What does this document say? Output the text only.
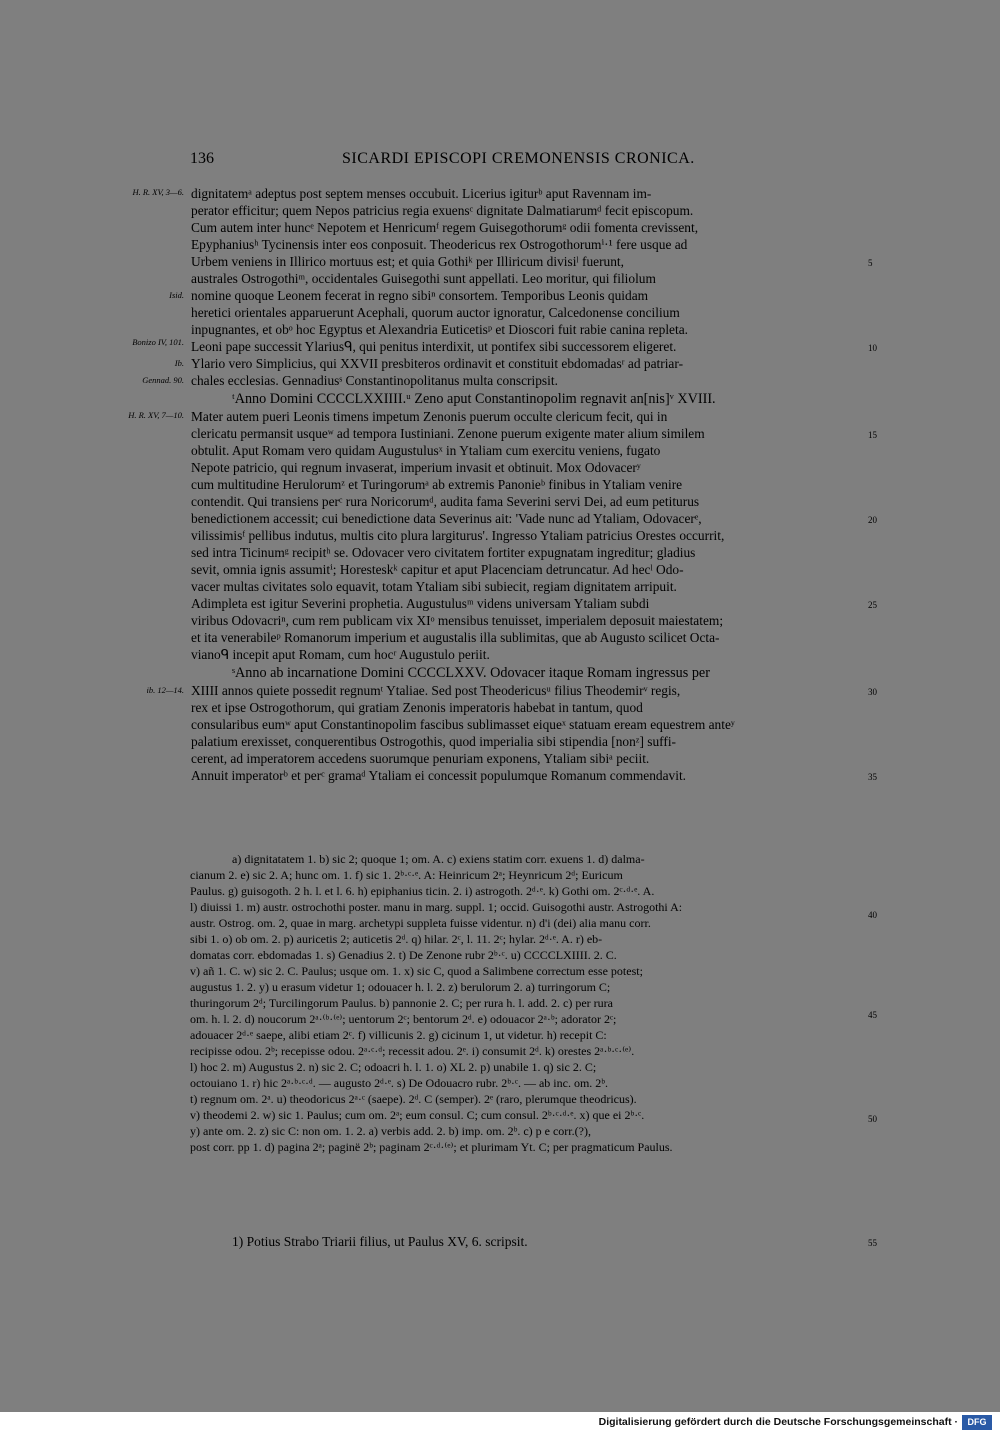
136	SICARDI EPISCOPI CREMONENSIS CRONICA.
dignitatemᵃ adeptus post septem menses occubuit. Licerius igiturᵇ aput Ravennam im-
perator efficitur; quem Nepos patricius regia exuensᶜ dignitate Dalmatiarumᵈ fecit episcopum.
Cum autem inter huncᵉ Nepotem et Henricumᶠ regem Guisegothorumᵍ odii fomenta crevissent,
Epyphaniusʰ Tycinensis inter eos conposuit. Theodericus rex Ostrogothorumⁱ·¹ fere usque ad
Urbem veniens in Illirico mortuus est; et quia Gothiᵏ per Illiricum divisiˡ fuerunt,
australes Ostrogothiᵐ, occidentales Guisegothi sunt appellati. Leo moritur, qui filiolum
nomine quoque Leonem fecerat in regno sibiⁿ consortem. Temporibus Leonis quidam
heretici orientales apparuerunt Acephali, quorum auctor ignoratur, Calcedonense concilium
inpugnantes, et obᵒ hoc Egyptus et Alexandria Euticetisᵖ et Dioscori fuit rabie canina repleta.
Leoni pape successit Ylariusᑫ, qui penitus interdixit, ut pontifex sibi successorem eligeret.
Ylario vero Simplicius, qui XXVII presbiteros ordinavit et constituit ebdomadasʳ ad patriar-
chales ecclesias. Gennadiusˢ Constantinopolitanus multa conscripsit.
ᵗAnno Domini CCCCLXXIIII.ᵘ Zeno aput Constantinopolim regnavit an[nis]ᵛ XVIII.
Mater autem pueri Leonis timens impetum Zenonis puerum occulte clericum fecit, qui in
clericatu permansit usqueʷ ad tempora Iustiniani. Zenone puerum exigente mater alium similem
obtulit. Aput Romam vero quidam Augustulusˣ in Ytaliam cum exercitu veniens, fugato
Nepote patricio, qui regnum invaserat, imperium invasit et obtinuit. Mox Odovacerʸ
cum multitudine Herulorumᶻ et Turingorumᵃ ab extremis Panonieᵇ finibus in Ytaliam venire
contendit. Qui transiens perᶜ rura Noricorumᵈ, audita fama Severini servi Dei, ad eum petiturus
benedictionem accessit; cui benedictione data Severinus ait: 'Vade nunc ad Ytaliam, Odovacerᵉ,
vilissimisᶠ pellibus indutus, multis cito plura largiturus'. Ingresso Ytaliam patricius Orestes occurrit,
sed intra Ticinumᵍ recipitʰ se. Odovacer vero civitatem fortiter expugnatam ingreditur; gladius
sevit, omnia ignis assumitⁱ; Horesteskᵏ capitur et aput Placenciam detruncatur. Ad hecˡ Odo-
vacer multas civitates solo equavit, totam Ytaliam sibi subiecit, regiam dignitatem arripuit.
Adimpleta est igitur Severini prophetia. Augustulusᵐ videns universam Ytaliam subdi
viribus Odovacriⁿ, cum rem publicam vix XIᵒ mensibus tenuisset, imperialem deposuit maiestatem;
et ita venerabileᵖ Romanorum imperium et augustalis illa sublimitas, que ab Augusto scilicet Octa-
vianoᑫ incepit aput Romam, cum hocʳ Augustulo periit.
ˢAnno ab incarnatione Domini CCCCLXXV. Odovacer itaque Romam ingressus per
XIIII annos quiete possedit regnumᵗ Ytaliae. Sed post Theodericusᵘ filius Theodemirᵛ regis,
rex et ipse Ostrogothorum, qui gratiam Zenonis imperatoris habebat in tantum, quod
consularibus eumʷ aput Constantinopolim fascibus sublimasset eiqueˣ statuam eream equestrem anteʸ
palatium erexisset, conquerentibus Ostrogothis, quod imperialia sibi stipendia [nonᶻ] suffi-
cerent, ad imperatorem accedens suorumque penuriam exponens, Ytaliam sibiᵃ peciit.
Annuit imperatorᵇ et perᶜ gramaᵈ Ytaliam ei concessit populumque Romanum commendavit.
H. R. XV, 3—6.
Isid.
Bonizo IV, 101.
Ib.
Gennad. 90.
H. R. XV, 7—10.
ib. 12—14.
5
10
15
20
25
30
35
40
45
50
55
a) dignitatatem 1. b) sic 2; quoque 1; om. A. c) exiens statim corr. exuens 1. d) dalma-
cianum 2. e) sic 2. A; hunc om. 1. f) sic 1. 2ᵇ·ᶜ·ᵉ. A: Heinricum 2ᵃ; Heynricum 2ᵈ; Euricum
Paulus. g) guisogoth. 2 h. l. et l. 6. h) epiphanius ticin. 2. i) astrogoth. 2ᵈ·ᵉ. k) Gothi om. 2ᶜ·ᵈ·ᵉ. A.
l) diuissi 1. m) austr. ostrochothi poster. manu in marg. suppl. 1; occid. Guisogothi austr. Astrogothi A:
austr. Ostrog. om. 2, quae in marg. archetypi suppleta fuisse videntur. n) d'i (dei) alia manu corr.
sibi 1. o) ob om. 2. p) auricetis 2; auticetis 2ᵈ. q) hilar. 2ᶜ, l. 11. 2ᶜ; hylar. 2ᵈ·ᵉ. A. r) eb-
domatas corr. ebdomadas 1. s) Genadius 2. t) De Zenone rubr 2ᵇ·ᶜ. u) CCCCLXIIII. 2. C.
v) añ 1. C. w) sic 2. C. Paulus; usque om. 1. x) sic C, quod a Salimbene correctum esse potest;
augustus 1. 2. y) u erasum videtur 1; odouacer h. l. 2. z) berulorum 2. a) turringorum C;
thuringorum 2ᵈ; Turcilingorum Paulus. b) pannonie 2. C; per rura h. l. add. 2. c) per rura
om. h. l. 2. d) noucorum 2ᵃ·⁽ᵇ·⁽ᵉ⁾; uentorum 2ᶜ; bentorum 2ᵈ. e) odouacor 2ᵃ·ᵇ; adorator 2ᶜ;
adouacer 2ᵈ·ᵉ saepe, alibi etiam 2ᶜ. f) villicunis 2. g) cicinum 1, ut videtur. h) recepit C:
recipisse odou. 2ᵇ; recepisse odou. 2ᵃ·ᶜ·ᵈ; recessit adou. 2ᵉ. i) consumit 2ᵈ. k) orestes 2ᵃ·ᵇ·ᶜ·⁽ᵉ⁾.
l) hoc 2. m) Augustus 2. n) sic 2. C; odoacri h. l. 1. o) XL 2. p) unabile 1. q) sic 2. C;
octouiano 1. r) hic 2ᵃ·ᵇ·ᶜ·ᵈ. — augusto 2ᵈ·ᵉ. s) De Odouacro rubr. 2ᵇ·ᶜ. — ab inc. om. 2ᵇ.
t) regnum om. 2ᵃ. u) theodoricus 2ᵃ·ᶜ (saepe). 2ᵈ. C (semper). 2ᵉ (raro, plerumque theodricus).
v) theodemi 2. w) sic 1. Paulus; cum om. 2ᵃ; eum consul. C; cum consul. 2ᵇ·ᶜ·ᵈ·ᵉ. x) que ei 2ᵇ·ᶜ.
y) ante om. 2. z) sic C: non om. 1. 2. a) verbis add. 2. b) imp. om. 2ᵇ. c) p e corr.(?),
post corr. pp 1. d) pagina 2ᵃ; paginë 2ᵇ; paginam 2ᶜ·ᵈ·⁽ᵉ⁾; et plurimam Yt. C; per pragmaticum Paulus.
1) Potius Strabo Triarii filius, ut Paulus XV, 6. scripsit.
Digitalisierung gefördert durch die Deutsche Forschungsgemeinschaft ·
DFG
